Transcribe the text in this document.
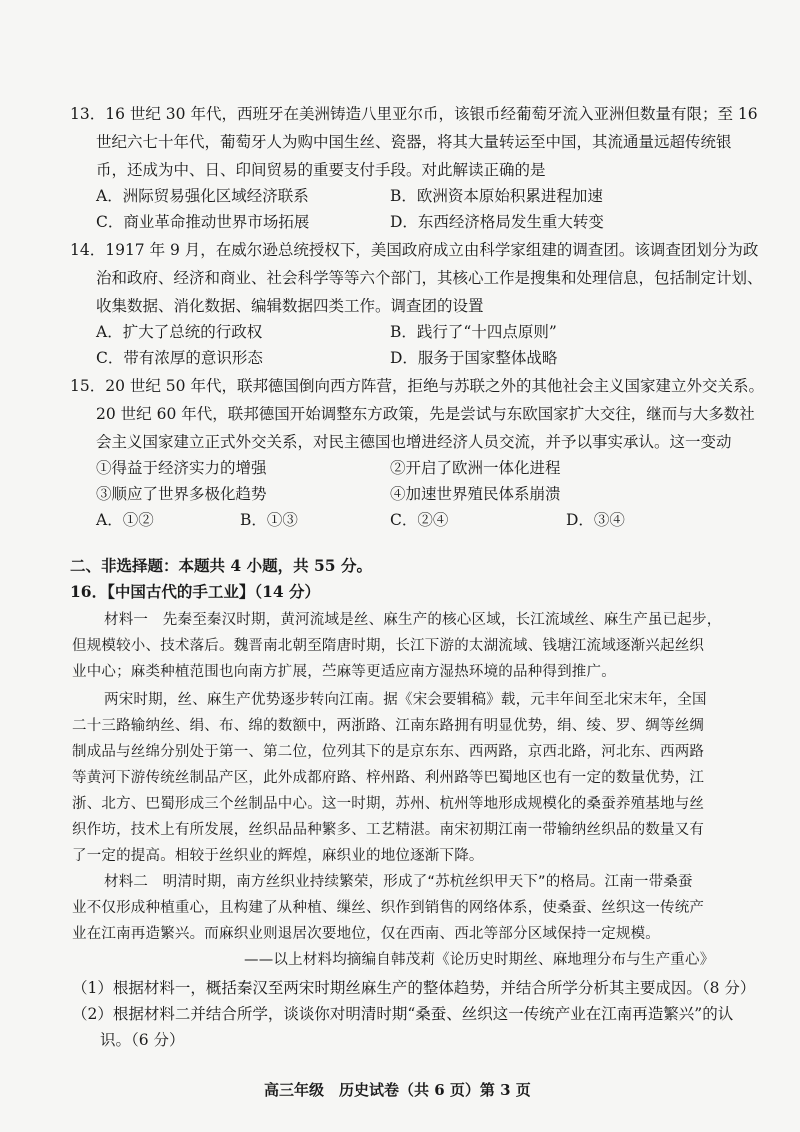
13．16 世纪 30 年代，西班牙在美洲铸造八里亚尔币，该银币经葡萄牙流入亚洲但数量有限；至 16
世纪六七十年代，葡萄牙人为购中国生丝、瓷器，将其大量转运至中国，其流通量远超传统银
币，还成为中、日、印间贸易的重要支付手段。对此解读正确的是
A．洲际贸易强化区域经济联系	B．欧洲资本原始积累进程加速
C．商业革命推动世界市场拓展	D．东西经济格局发生重大转变
14．1917 年 9 月，在威尔逊总统授权下，美国政府成立由科学家组建的调查团。该调查团划分为政
治和政府、经济和商业、社会科学等等六个部门，其核心工作是搜集和处理信息，包括制定计划、
收集数据、消化数据、编辑数据四类工作。调查团的设置
A．扩大了总统的行政权	B．践行了“十四点原则”
C．带有浓厚的意识形态	D．服务于国家整体战略
15．20 世纪 50 年代，联邦德国倒向西方阵营，拒绝与苏联之外的其他社会主义国家建立外交关系。
20 世纪 60 年代，联邦德国开始调整东方政策，先是尝试与东欧国家扩大交往，继而与大多数社
会主义国家建立正式外交关系，对民主德国也增进经济人员交流，并予以事实承认。这一变动
①得益于经济实力的增强	②开启了欧洲一体化进程
③顺应了世界多极化趋势	④加速世界殖民体系崩溃
A．①②	B．①③	C．②④	D．③④
二、非选择题：本题共 4 小题，共 55 分。
16．【中国古代的手工业】（14 分）
材料一　先秦至秦汉时期，黄河流域是丝、麻生产的核心区域，长江流域丝、麻生产虽已起步，
但规模较小、技术落后。魏晋南北朝至隋唐时期，长江下游的太湖流域、钱塘江流域逐渐兴起丝织
业中心；麻类种植范围也向南方扩展，苎麻等更适应南方湿热环境的品种得到推广。
两宋时期，丝、麻生产优势逐步转向江南。据《宋会要辑稿》载，元丰年间至北宋末年，全国
二十三路输纳丝、绢、布、绵的数额中，两浙路、江南东路拥有明显优势，绢、绫、罗、绸等丝绸
制成品与丝绵分别处于第一、第二位，位列其下的是京东东、西两路，京西北路，河北东、西两路
等黄河下游传统丝制品产区，此外成都府路、梓州路、利州路等巴蜀地区也有一定的数量优势，江
浙、北方、巴蜀形成三个丝制品中心。这一时期，苏州、杭州等地形成规模化的桑蚕养殖基地与丝
织作坊，技术上有所发展，丝织品品种繁多、工艺精湛。南宋初期江南一带输纳丝织品的数量又有
了一定的提高。相较于丝织业的辉煌，麻织业的地位逐渐下降。
材料二　明清时期，南方丝织业持续繁荣，形成了“苏杭丝织甲天下”的格局。江南一带桑蚕
业不仅形成种植重心，且构建了从种植、缫丝、织作到销售的网络体系，使桑蚕、丝织这一传统产
业在江南再造繁兴。而麻织业则退居次要地位，仅在西南、西北等部分区域保持一定规模。
——以上材料均摘编自韩茂莉《论历史时期丝、麻地理分布与生产重心》
（1）根据材料一，概括秦汉至两宋时期丝麻生产的整体趋势，并结合所学分析其主要成因。（8 分）
（2）根据材料二并结合所学，谈谈你对明清时期“桑蚕、丝织这一传统产业在江南再造繁兴”的认
识。（6 分）
高三年级　历史试卷（共 6 页）第 3 页
